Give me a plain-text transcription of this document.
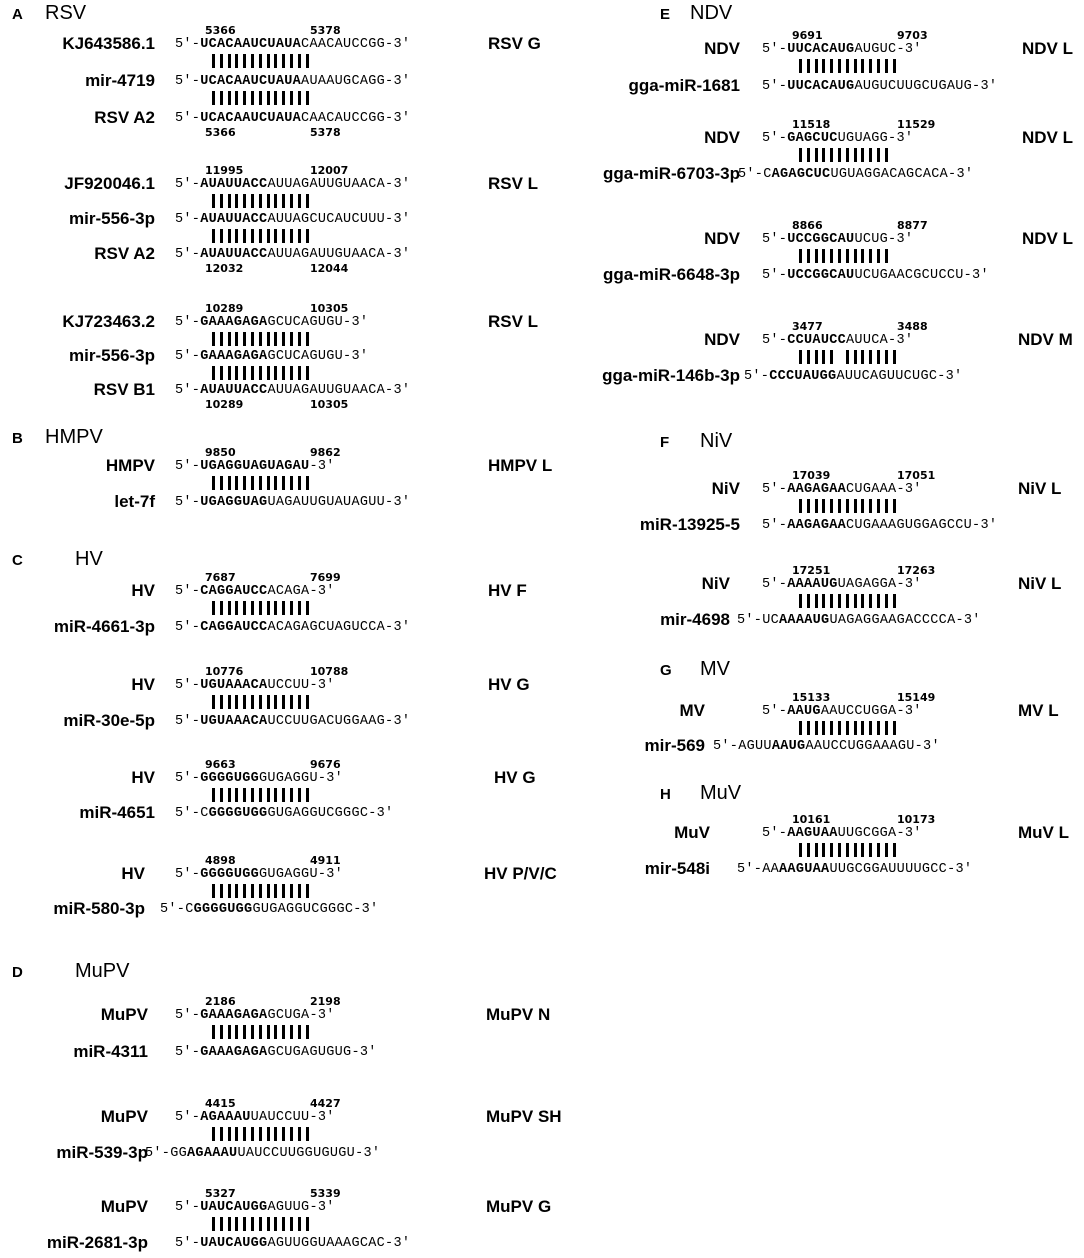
A RSV
B HMPV
C	HV
D	MuPV
E NDV
F NiV
G MV
H MuV
5366	5378
KJ643586.1 5'-UCACAAUCUAUACAACAUCCGG-3'	RSV G
mir-4719 5'-UCACAAUCUAUAAUAAUGCAGG-3'
RSV A2 5'-UCACAAUCUAUACAACAUCCGG-3'
5366	5378
11995	12007
JF920046.1 5'-AUAUUACCAUUAGAUUGUAACA-3'	RSV L
mir-556-3p 5'-AUAUUACCAUUAGCUCAUCUUU-3'
RSV A2 5'-AUAUUACCAUUAGAUUGUAACA-3'
12032	12044
10289	10305
KJ723463.2 5'-GAAAGAGAGCUCAGUGU-3'	RSV L
mir-556-3p 5'-GAAAGAGAGCUCAGUGU-3'
RSV B1 5'-AUAUUACCAUUAGAUUGUAACA-3'
10289	10305
9850	9862
HMPV 5'-UGAGGUAGUAGAU-3'	HMPV L
let-7f 5'-UGAGGUAGUAGAUUGUAUAGUU-3'
7687	7699
HV 5'-CAGGAUCCACAGA-3'	HV F
miR-4661-3p 5'-CAGGAUCCACAGAGCUAGUCCA-3'
10776	10788
HV 5'-UGUAAACAUCCUU-3'	HV G
miR-30e-5p 5'-UGUAAACAUCCUUGACUGGAAG-3'
9663	9676
HV 5'-GGGGUGGGUGAGGU-3'	HV G
miR-4651 5'-CGGGGUGGGUGAGGUCGGGC-3'
4898	4911
HV 5'-GGGGUGGGUGAGGU-3'	HV P/V/C
miR-580-3p 5'-CGGGGUGGGUGAGGUCGGGC-3'
2186	2198
MuPV 5'-GAAAGAGAGCUGA-3'	MuPV N
miR-4311 5'-GAAAGAGAGCUGAGUGUG-3'
4415	4427
MuPV 5'-AGAAAUUAUCCUU-3'	MuPV SH
miR-539-3p
5'-GGAGAAAUUAUCCUUGGUGUGU-3'
5327	5339
MuPV 5'-UAUCAUGGAGUUG-3'	MuPV G
miR-2681-3p 5'-UAUCAUGGAGUUGGUAAAGCAC-3'
9691	9703
NDV 5'-UUCACAUGAUGUC-3'	NDV L
gga-miR-1681 5'-UUCACAUGAUGUCUUGCUGAUG-3'
11518	11529
NDV 5'-GAGCUCUGUAGG-3'	NDV L
gga-miR-6703-3p
5'-CAGAGCUCUGUAGGACAGCACA-3'
8866	8877
NDV 5'-UCCGGCAUUCUG-3'	NDV L
gga-miR-6648-3p 5'-UCCGGCAUUCUGAACGCUCCU-3'
3477	3488
NDV 5'-CCUAUCCAUUCA-3'	NDV M
gga-miR-146b-3p 5'-CCCUAUGGAUUCAGUUCUGC-3'
17039	17051
NiV 5'-AAGAGAACUGAAA-3'	NiV L
miR-13925-5 5'-AAGAGAACUGAAAGUGGAGCCU-3'
17251	17263
NiV 5'-AAAAUGUAGAGGA-3'	NiV L
mir-4698 5'-UCAAAAUGUAGAGGAAGACCCCA-3'
15133	15149
MV	5'-AAUGAAUCCUGGA-3'	MV L
mir-569 5'-AGUUAAUGAAUCCUGGAAAGU-3'
10161	10173
MuV	5'-AAGUAAUUGCGGA-3'	MuV L
mir-548i 5'-AAAAGUAAUUGCGGAUUUUGCC-3'
